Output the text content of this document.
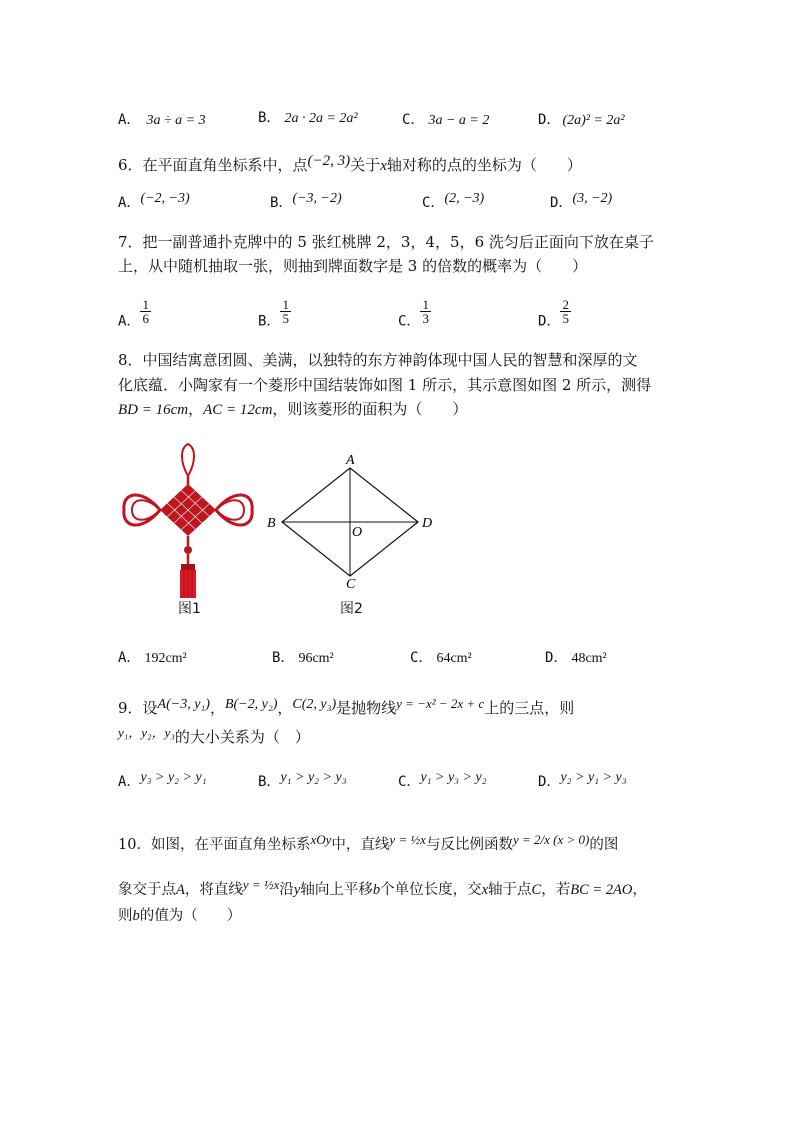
A． 3a ÷ a = 3	B． 2a · 2a = 2a²	C． 3a − a = 2	D． (2a)² = 2a²
6．在平面直角坐标系中，点(−2, 3)关于x轴对称的点的坐标为（　　）
A．(−2, −3)	B．(−3, −2)	C．(2, −3)	D．(3, −2)
7．把一副普通扑克牌中的 5 张红桃牌 2，3，4，5，6 洗匀后正面向下放在桌子
上，从中随机抽取一张，则抽到牌面数字是 3 的倍数的概率为（　　）
A． $\frac{1}{6}$	B． $\frac{1}{5}$	C． $\frac{1}{3}$	D． $\frac{2}{5}$
8．中国结寓意团圆、美满，以独特的东方神韵体现中国人民的智慧和深厚的文
化底蕴．小陶家有一个菱形中国结装饰如图 1 所示，其示意图如图 2 所示，测得
BD = 16cm，AC = 12cm，则该菱形的面积为（　　）
图1
A
B
C
D
O
图2
A． 192cm²	B． 96cm²	C． 64cm²	D． 48cm²
9．设A(−3, y₁)，B(−2, y₂)，C(2, y₃)是抛物线y = −x² − 2x + c上的三点，则
y₁，y₂，y₃的大小关系为（　）
A．y₃ > y₂ > y₁	B．y₁ > y₂ > y₃	C．y₁ > y₃ > y₂	D．y₂ > y₁ > y₃
10．如图，在平面直角坐标系xOy中，直线y = ½x与反比例函数y = 2/x (x > 0)的图
象交于点A，将直线y = ½x沿y轴向上平移b个单位长度，交x轴于点C，若BC = 2AO，
则b的值为（　　）
